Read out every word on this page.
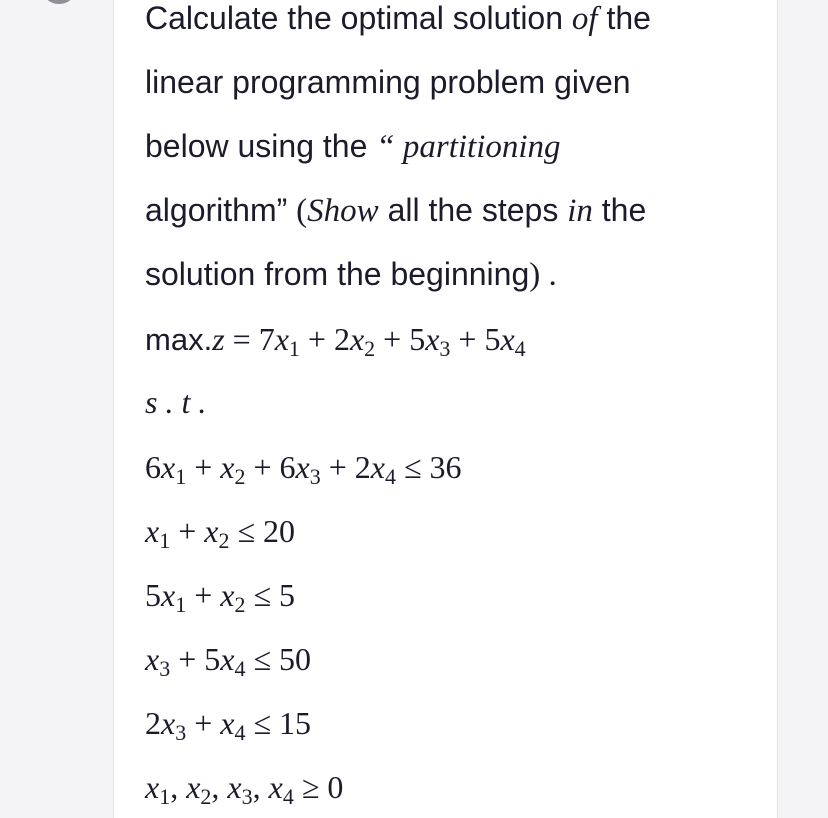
Calculate the optimal solution of the
linear programming problem given
below using the “ partitioning
algorithm” (Show all the steps in the
solution from the beginning) .
$\max.z = 7x_1 + 2x_2 + 5x_3 + 5x_4$
s . t .
$6x_1 + x_2 + 6x_3 + 2x_4 \le 36$
$x_1 + x_2 \le 20$
$5x_1 + x_2 \le 5$
$x_3 + 5x_4 \le 50$
$2x_3 + x_4 \le 15$
$x_1$, $x_2$, $x_3$, $x_4 \ge 0$
